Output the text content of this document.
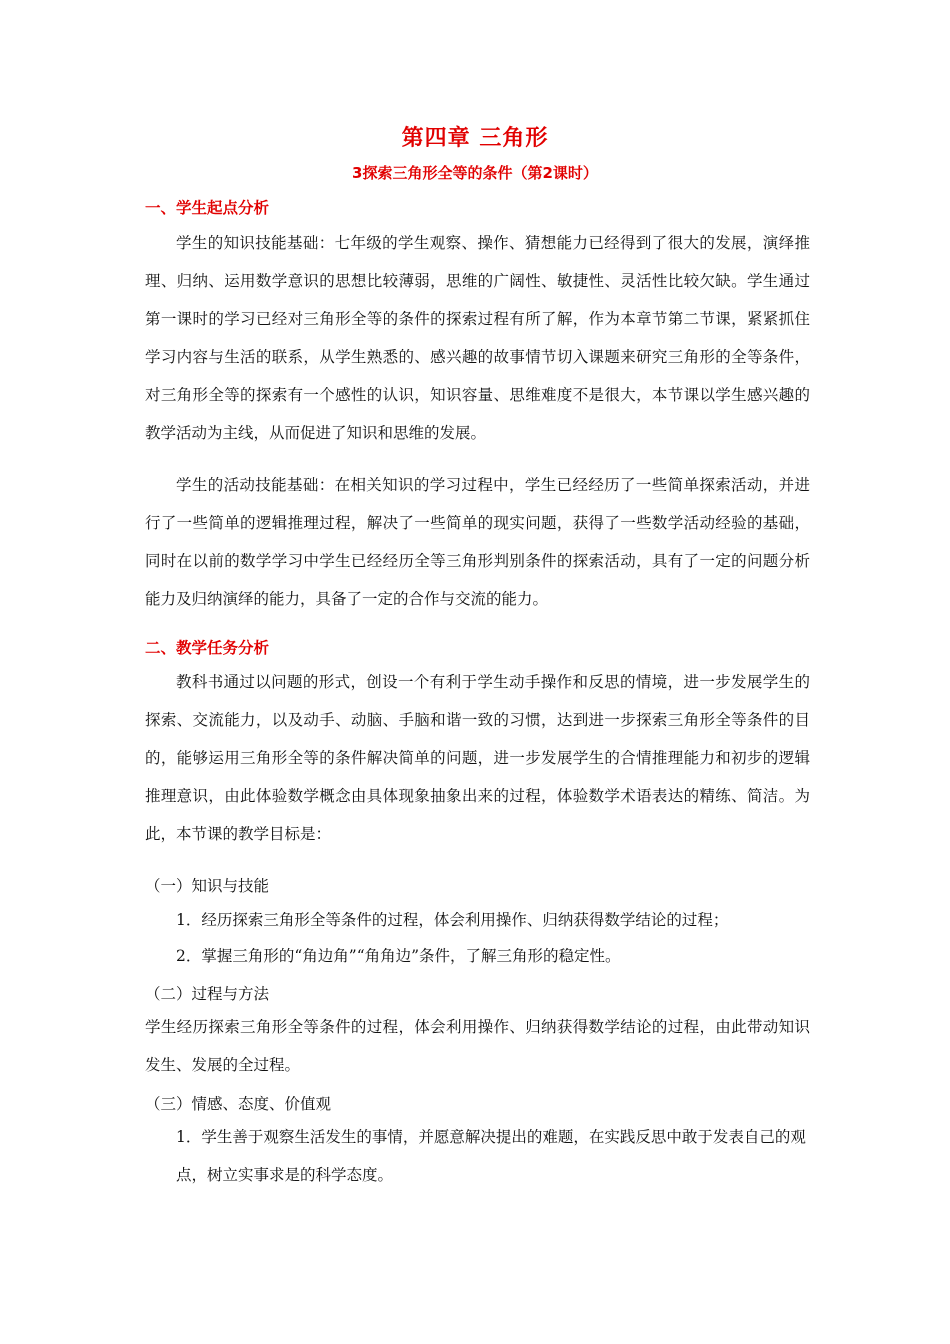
第四章 三角形
3探索三角形全等的条件（第2课时）
一、学生起点分析
学生的知识技能基础：七年级的学生观察、操作、猜想能力已经得到了很大的发展，演绎推理、归纳、运用数学意识的思想比较薄弱，思维的广阔性、敏捷性、灵活性比较欠缺。学生通过第一课时的学习已经对三角形全等的条件的探索过程有所了解，作为本章节第二节课，紧紧抓住学习内容与生活的联系，从学生熟悉的、感兴趣的故事情节切入课题来研究三角形的全等条件，对三角形全等的探索有一个感性的认识，知识容量、思维难度不是很大，本节课以学生感兴趣的教学活动为主线，从而促进了知识和思维的发展。
学生的活动技能基础：在相关知识的学习过程中，学生已经经历了一些简单探索活动，并进行了一些简单的逻辑推理过程，解决了一些简单的现实问题，获得了一些数学活动经验的基础，同时在以前的数学学习中学生已经经历全等三角形判别条件的探索活动，具有了一定的问题分析能力及归纳演绎的能力，具备了一定的合作与交流的能力。
二、教学任务分析
教科书通过以问题的形式，创设一个有利于学生动手操作和反思的情境，进一步发展学生的探索、交流能力，以及动手、动脑、手脑和谐一致的习惯，达到进一步探索三角形全等条件的目的，能够运用三角形全等的条件解决简单的问题，进一步发展学生的合情推理能力和初步的逻辑推理意识，由此体验数学概念由具体现象抽象出来的过程，体验数学术语表达的精练、简洁。为此，本节课的教学目标是：
（一）知识与技能
1．经历探索三角形全等条件的过程，体会利用操作、归纳获得数学结论的过程；
2．掌握三角形的“角边角”“角角边”条件，了解三角形的稳定性。
（二）过程与方法
学生经历探索三角形全等条件的过程，体会利用操作、归纳获得数学结论的过程，由此带动知识发生、发展的全过程。
（三）情感、态度、价值观
1．学生善于观察生活发生的事情，并愿意解决提出的难题，在实践反思中敢于发表自己的观点，树立实事求是的科学态度。
